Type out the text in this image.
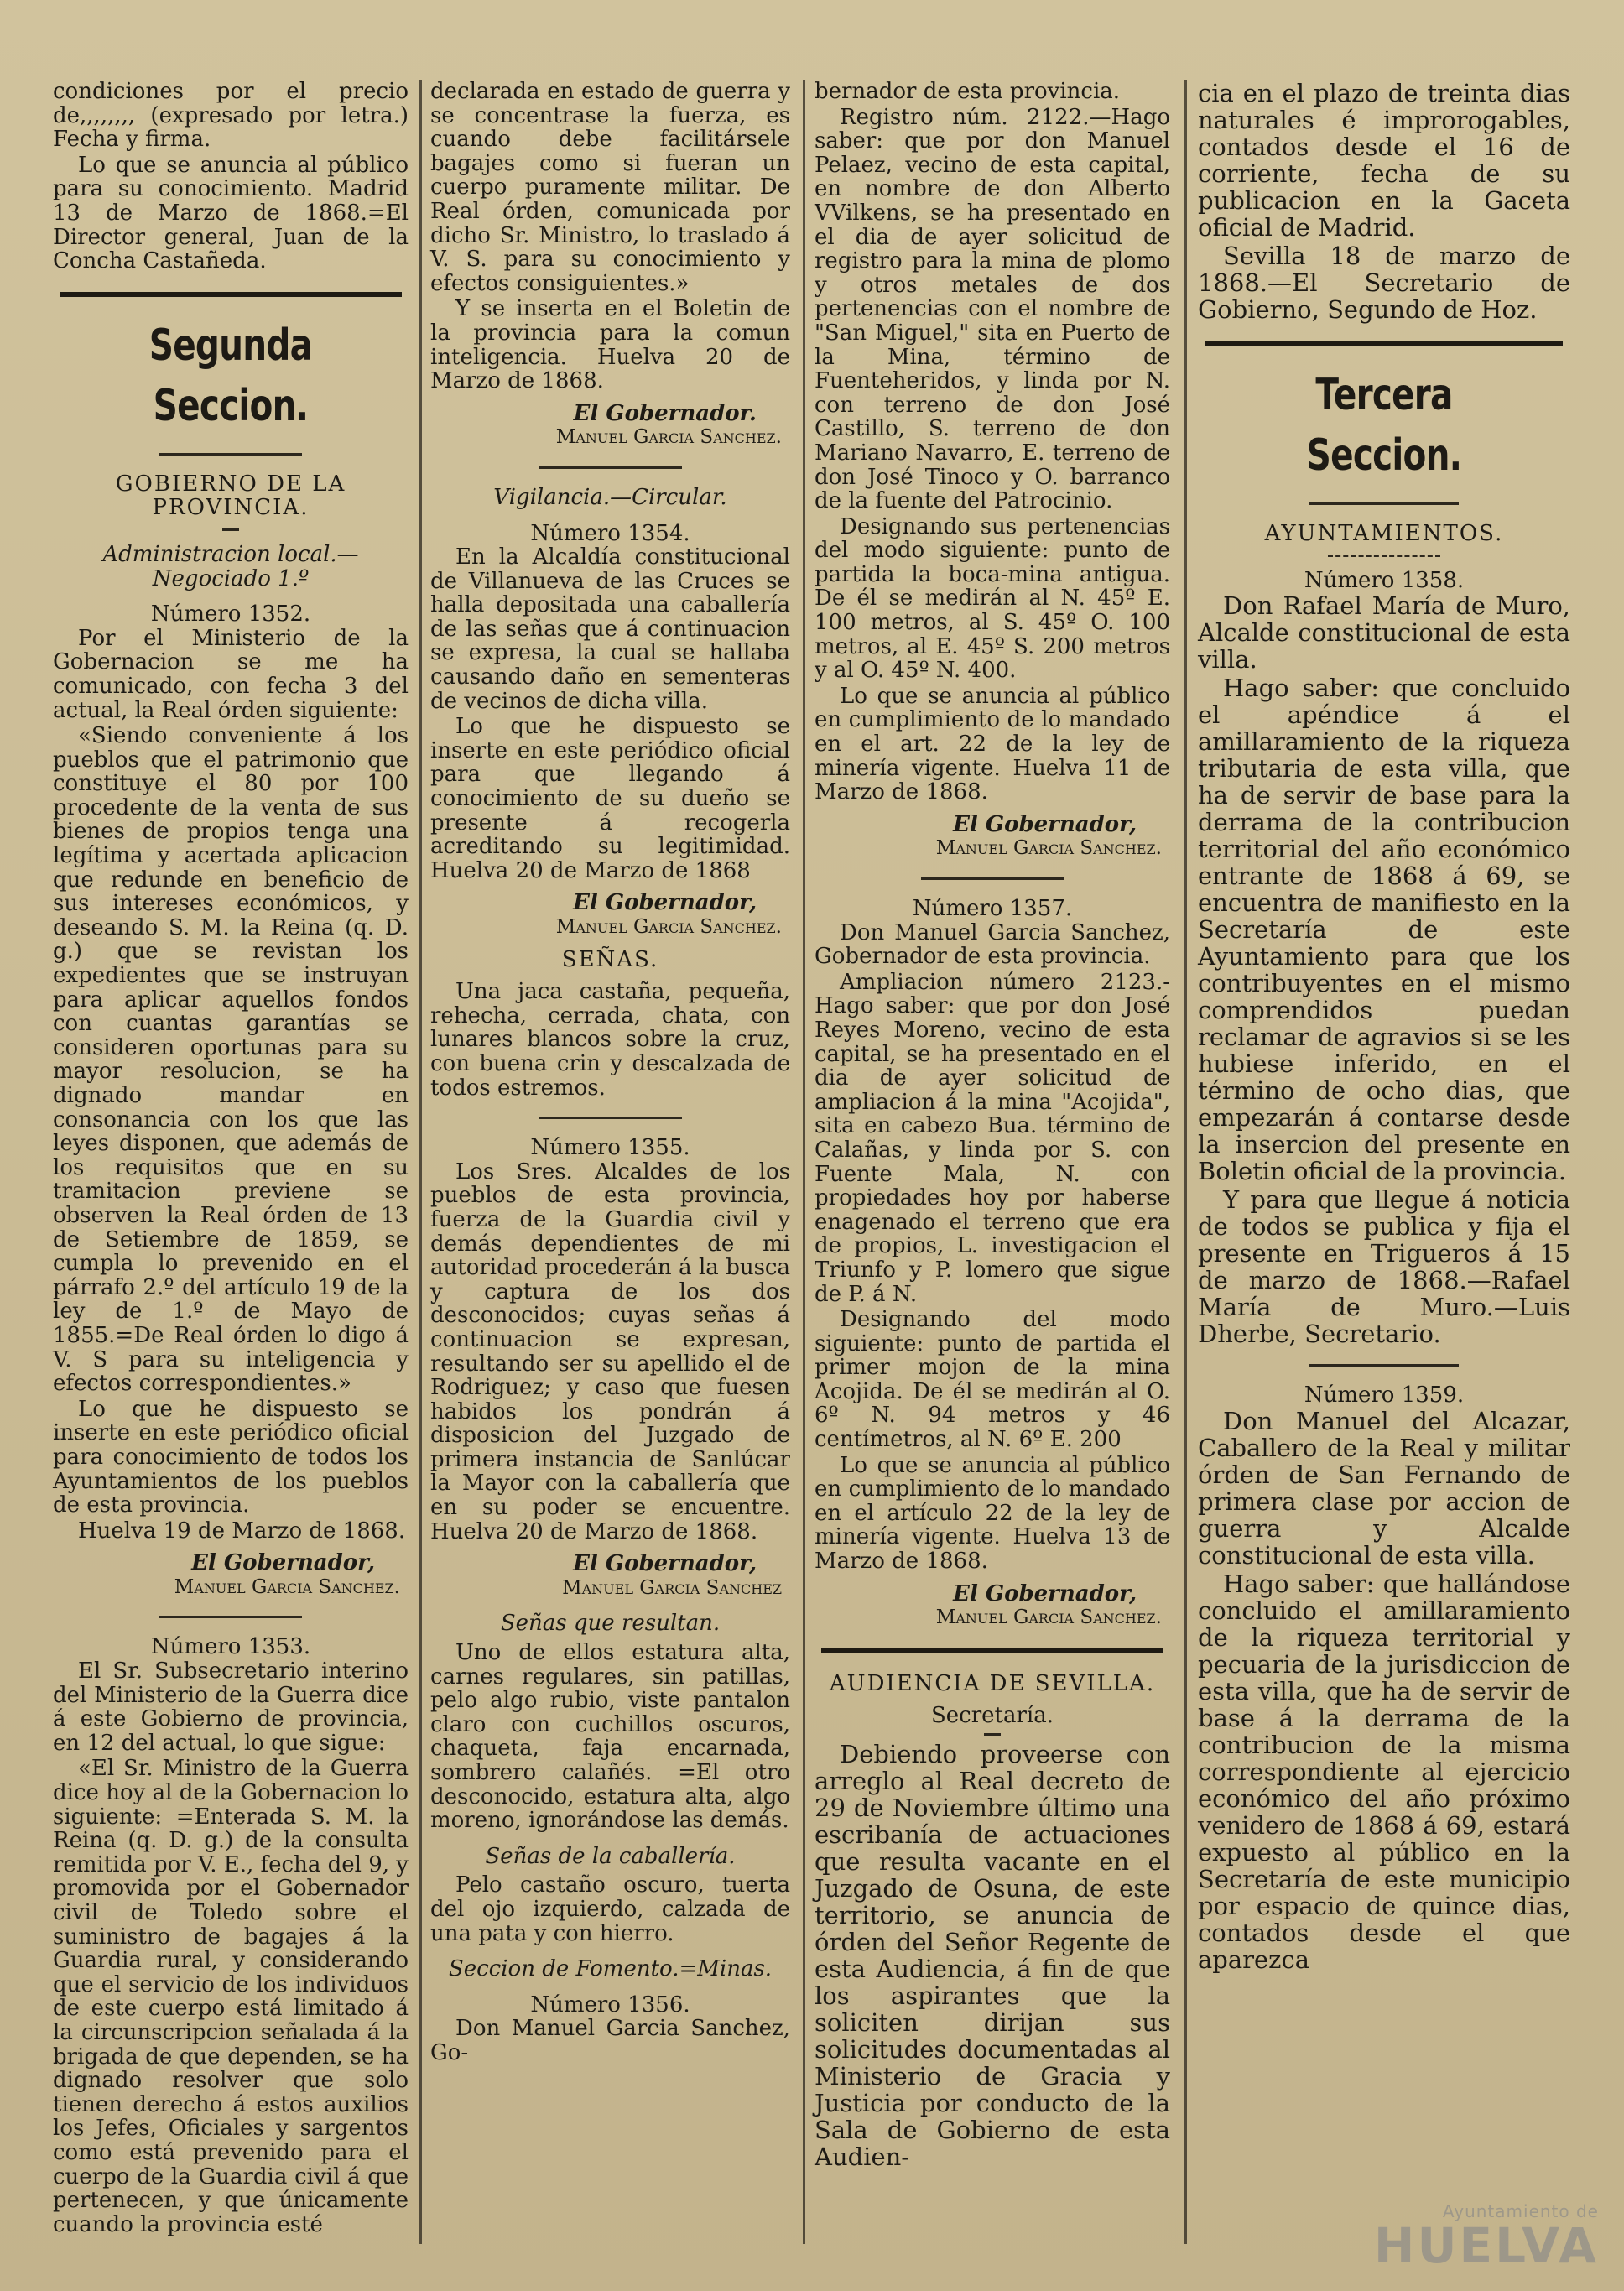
condiciones por el precio de,,,,,,,, (expresado por letra.) Fecha y firma.

Lo que se anuncia al público para su conocimiento. Madrid 13 de Marzo de 1868.=El Director general, Juan de la Concha Castañeda.

Segunda Seccion.
GOBIERNO DE LA PROVINCIA.
Administracion local.—Negociado 1.º
Número 1352.

Por el Ministerio de la Gobernacion se me ha comunicado, con fecha 3 del actual, la Real órden siguiente:

«Siendo conveniente á los pueblos que el patrimonio que constituye el 80 por 100 procedente de la venta de sus bienes de propios tenga una legítima y acertada aplicacion que redunde en beneficio de sus intereses económicos, y deseando S. M. la Reina (q. D. g.) que se revistan los expedientes que se instruyan para aplicar aquellos fondos con cuantas garantías se consideren oportunas para su mayor resolucion, se ha dignado mandar en consonancia con los que las leyes disponen, que además de los requisitos que en su tramitacion previene se observen la Real órden de 13 de Setiembre de 1859, se cumpla lo prevenido en el párrafo 2.º del artículo 19 de la ley de 1.º de Mayo de 1855.=De Real órden lo digo á V. S para su inteligencia y efectos correspondientes.»

Lo que he dispuesto se inserte en este periódico oficial para conocimiento de todos los Ayuntamientos de los pueblos de esta provincia.

Huelva 19 de Marzo de 1868.

El Gobernador,
Manuel Garcia Sanchez.
Número 1353.

El Sr. Subsecretario interino del Ministerio de la Guerra dice á este Gobierno de provincia, en 12 del actual, lo que sigue:

«El Sr. Ministro de la Guerra dice hoy al de la Gobernacion lo siguiente: =Enterada S. M. la Reina (q. D. g.) de la consulta remitida por V. E., fecha del 9, y promovida por el Gobernador civil de Toledo sobre el suministro de bagajes á la Guardia rural, y considerando que el servicio de los individuos de este cuerpo está limitado á la circunscripcion señalada á la brigada de que dependen, se ha dignado resolver que solo tienen derecho á estos auxilios los Jefes, Oficiales y sargentos como está prevenido para el cuerpo de la Guardia civil á que pertenecen, y que únicamente cuando la provincia esté

declarada en estado de guerra y se concentrase la fuerza, es cuando debe facilitársele bagajes como si fueran un cuerpo puramente militar. De Real órden, comunicada por dicho Sr. Ministro, lo traslado á V. S. para su conocimiento y efectos consiguientes.»

Y se inserta en el Boletin de la provincia para la comun inteligencia. Huelva 20 de Marzo de 1868.

El Gobernador.
Manuel Garcia Sanchez.
Vigilancia.—Circular.
Número 1354.

En la Alcaldía constitucional de Villanueva de las Cruces se halla depositada una caballería de las señas que á continuacion se expresa, la cual se hallaba causando daño en sementeras de vecinos de dicha villa.

Lo que he dispuesto se inserte en este periódico oficial para que llegando á conocimiento de su dueño se presente á recogerla acreditando su legitimidad. Huelva 20 de Marzo de 1868

El Gobernador,
Manuel Garcia Sanchez.
SEÑAS.

Una jaca castaña, pequeña, rehecha, cerrada, chata, con lunares blancos sobre la cruz, con buena crin y descalzada de todos estremos.

Número 1355.

Los Sres. Alcaldes de los pueblos de esta provincia, fuerza de la Guardia civil y demás dependientes de mi autoridad procederán á la busca y captura de los dos desconocidos; cuyas señas á continuacion se expresan, resultando ser su apellido el de Rodriguez; y caso que fuesen habidos los pondrán á disposicion del Juzgado de primera instancia de Sanlúcar la Mayor con la caballería que en su poder se encuentre. Huelva 20 de Marzo de 1868.

El Gobernador,
Manuel Garcia Sanchez
Señas que resultan.

Uno de ellos estatura alta, carnes regulares, sin patillas, pelo algo rubio, viste pantalon claro con cuchillos oscuros, chaqueta, faja encarnada, sombrero calañés. =El otro desconocido, estatura alta, algo moreno, ignorándose las demás.

Señas de la caballería.

Pelo castaño oscuro, tuerta del ojo izquierdo, calzada de una pata y con hierro.

Seccion de Fomento.=Minas.
Número 1356.

Don Manuel Garcia Sanchez, Go-

bernador de esta provincia.

Registro núm. 2122.—Hago saber: que por don Manuel Pelaez, vecino de esta capital, en nombre de don Alberto VVilkens, se ha presentado en el dia de ayer solicitud de registro para la mina de plomo y otros metales de dos pertenencias con el nombre de "San Miguel," sita en Puerto de la Mina, término de Fuenteheridos, y linda por N. con terreno de don José Castillo, S. terreno de don Mariano Navarro, E. terreno de don José Tinoco y O. barranco de la fuente del Patrocinio.

Designando sus pertenencias del modo siguiente: punto de partida la boca-mina antigua. De él se medirán al N. 45º E. 100 metros, al S. 45º O. 100 metros, al E. 45º S. 200 metros y al O. 45º N. 400.

Lo que se anuncia al público en cumplimiento de lo mandado en el art. 22 de la ley de minería vigente. Huelva 11 de Marzo de 1868.

El Gobernador,
Manuel Garcia Sanchez.
Número 1357.

Don Manuel Garcia Sanchez, Gobernador de esta provincia.

Ampliacion número 2123.-Hago saber: que por don José Reyes Moreno, vecino de esta capital, se ha presentado en el dia de ayer solicitud de ampliacion á la mina "Acojida", sita en cabezo Bua. término de Calañas, y linda por S. con Fuente Mala, N. con propiedades hoy por haberse enagenado el terreno que era de propios, L. investigacion el Triunfo y P. lomero que sigue de P. á N.

Designando del modo siguiente: punto de partida el primer mojon de la mina Acojida. De él se medirán al O. 6º N. 94 metros y 46 centímetros, al N. 6º E. 200

Lo que se anuncia al público en cumplimiento de lo mandado en el artículo 22 de la ley de minería vigente. Huelva 13 de Marzo de 1868.

El Gobernador,
Manuel Garcia Sanchez.
AUDIENCIA DE SEVILLA.
Secretaría.

Debiendo proveerse con arreglo al Real decreto de 29 de Noviembre último una escribanía de actuaciones que resulta vacante en el Juzgado de Osuna, de este territorio, se anuncia de órden del Señor Regente de esta Audiencia, á fin de que los aspirantes que la soliciten dirijan sus solicitudes documentadas al Ministerio de Gracia y Justicia por conducto de la Sala de Gobierno de esta Audien-

cia en el plazo de treinta dias naturales é improrogables, contados desde el 16 de corriente, fecha de su publicacion en la Gaceta oficial de Madrid.

Sevilla 18 de marzo de 1868.—El Secretario de Gobierno, Segundo de Hoz.

Tercera Seccion.
AYUNTAMIENTOS.
Número 1358.

Don Rafael María de Muro, Alcalde constitucional de esta villa.

Hago saber: que concluido el apéndice á el amillaramiento de la riqueza tributaria de esta villa, que ha de servir de base para la derrama de la contribucion territorial del año económico entrante de 1868 á 69, se encuentra de manifiesto en la Secretaría de este Ayuntamiento para que los contribuyentes en el mismo comprendidos puedan reclamar de agravios si se les hubiese inferido, en el término de ocho dias, que empezarán á contarse desde la insercion del presente en Boletin oficial de la provincia.

Y para que llegue á noticia de todos se publica y fija el presente en Trigueros á 15 de marzo de 1868.—Rafael María de Muro.—Luis Dherbe, Secretario.

Número 1359.

Don Manuel del Alcazar, Caballero de la Real y militar órden de San Fernando de primera clase por accion de guerra y Alcalde constitucional de esta villa.

Hago saber: que hallándose concluido el amillaramiento de la riqueza territorial y pecuaria de la jurisdiccion de esta villa, que ha de servir de base á la derrama de la contribucion de la misma correspondiente al ejercicio económico del año próximo venidero de 1868 á 69, estará expuesto al público en la Secretaría de este municipio por espacio de quince dias, contados desde el que aparezca

Ayuntamiento de
HUELVA
